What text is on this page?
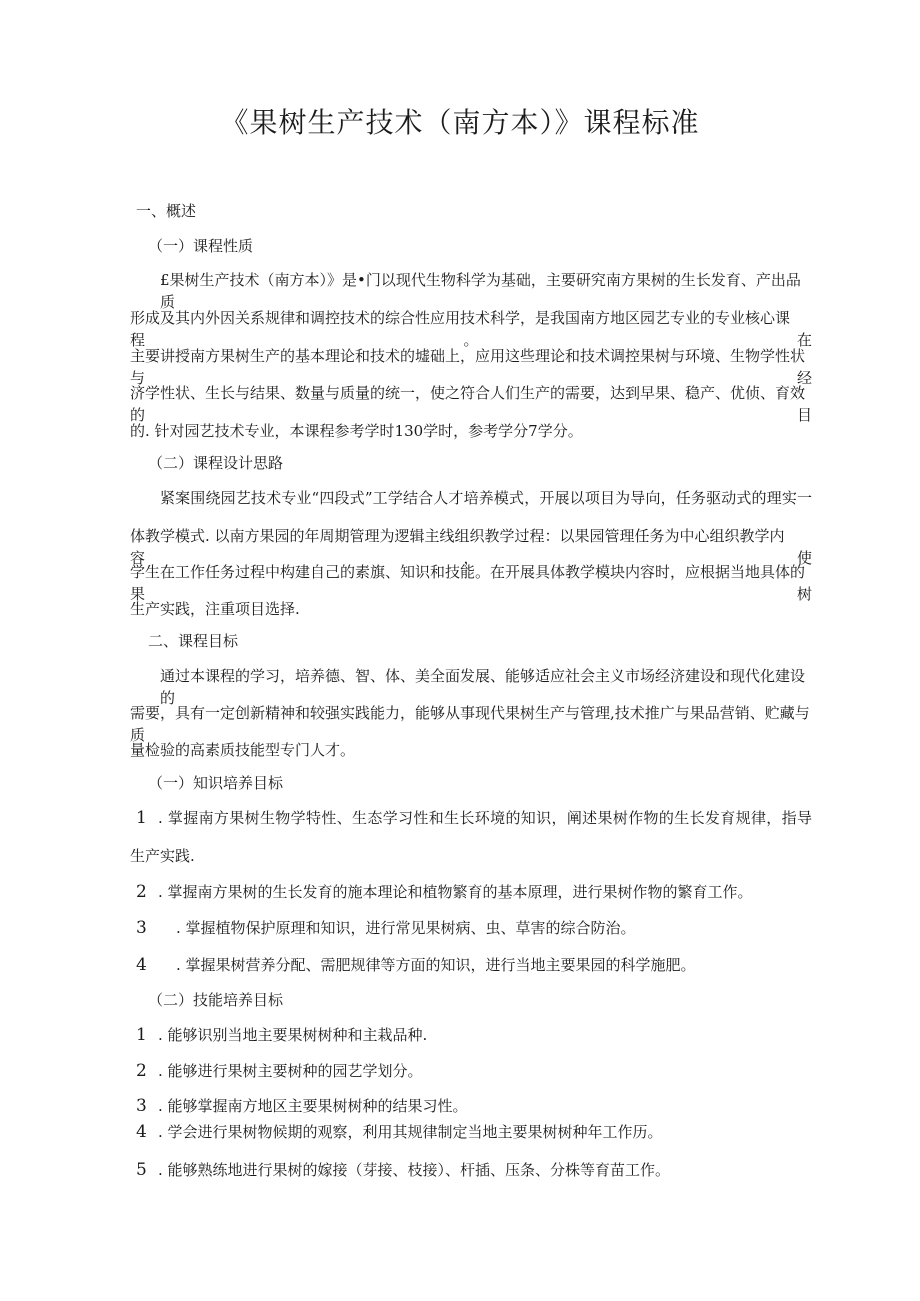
《果树生产技术（南方本）》课程标准
一、概述
（一）课程性质
£果树生产技术（南方本）》是•门以现代生物科学为基础，主要研究南方果树的生长发育、产出品质
形成及其内外因关系规律和调控技术的综合性应用技术科学，是我国南方地区园艺专业的专业核心课程。在
主要讲授南方果树生产的基本理论和技术的墟础上，应用这些理论和技术调控果树与环境、生物学性状与经
济学性状、生长与结果、数量与质量的统一，使之符合人们生产的需要，达到早果、稳产、优侦、育效的目
的. 针对园艺技术专业，本课程参考学时130学时，参考学分7学分。
（二）课程设计思路
紧案围绕园艺技术专业“四段式”工学结合人才培养模式，开展以项目为导向，任务驱动式的理实一
体教学模式. 以南方果园的年周期管理为逻辑主线组织教学过程：以果园管理任务为中心组织教学内容，使
学生在工作任务过程中构建自己的素旗、知识和技能。在开展具体教学模块内容时，应根据当地具体的果树
生产实践，注重项目选择.
二、课程目标
通过本课程的学习，培养德、智、体、美全面发展、能够适应社会主义市场经济建设和现代化建设的
需要，具有一定创新精神和较强实践能力，能够从事现代果树生产与管理,技术推广与果品营销、贮藏与质
量检验的高素质技能型专门人才。
（一）知识培养目标
1 . 掌握南方果树生物学特性、生态学习性和生长环境的知识，阐述果树作物的生长发育规律，指导
生产实践.
2 . 掌握南方果树的生长发育的施本理论和植物繁育的基本原理，进行果树作物的繁育工作。
3 . 掌握植物保护原理和知识，进行常见果树病、虫、草害的综合防治。
4 . 掌握果树营养分配、需肥规律等方面的知识，进行当地主要果园的科学施肥。
（二）技能培养目标
1 . 能够识别当地主要果树树种和主栽品种.
2 . 能够进行果树主要树种的园艺学划分。
3 . 能够掌握南方地区主要果树树种的结果习性。
4 . 学会进行果树物候期的观察，利用其规律制定当地主要果树树种年工作历。
5 . 能够熟练地进行果树的嫁接（芽接、枝接）、杆插、压条、分株等育苗工作。
